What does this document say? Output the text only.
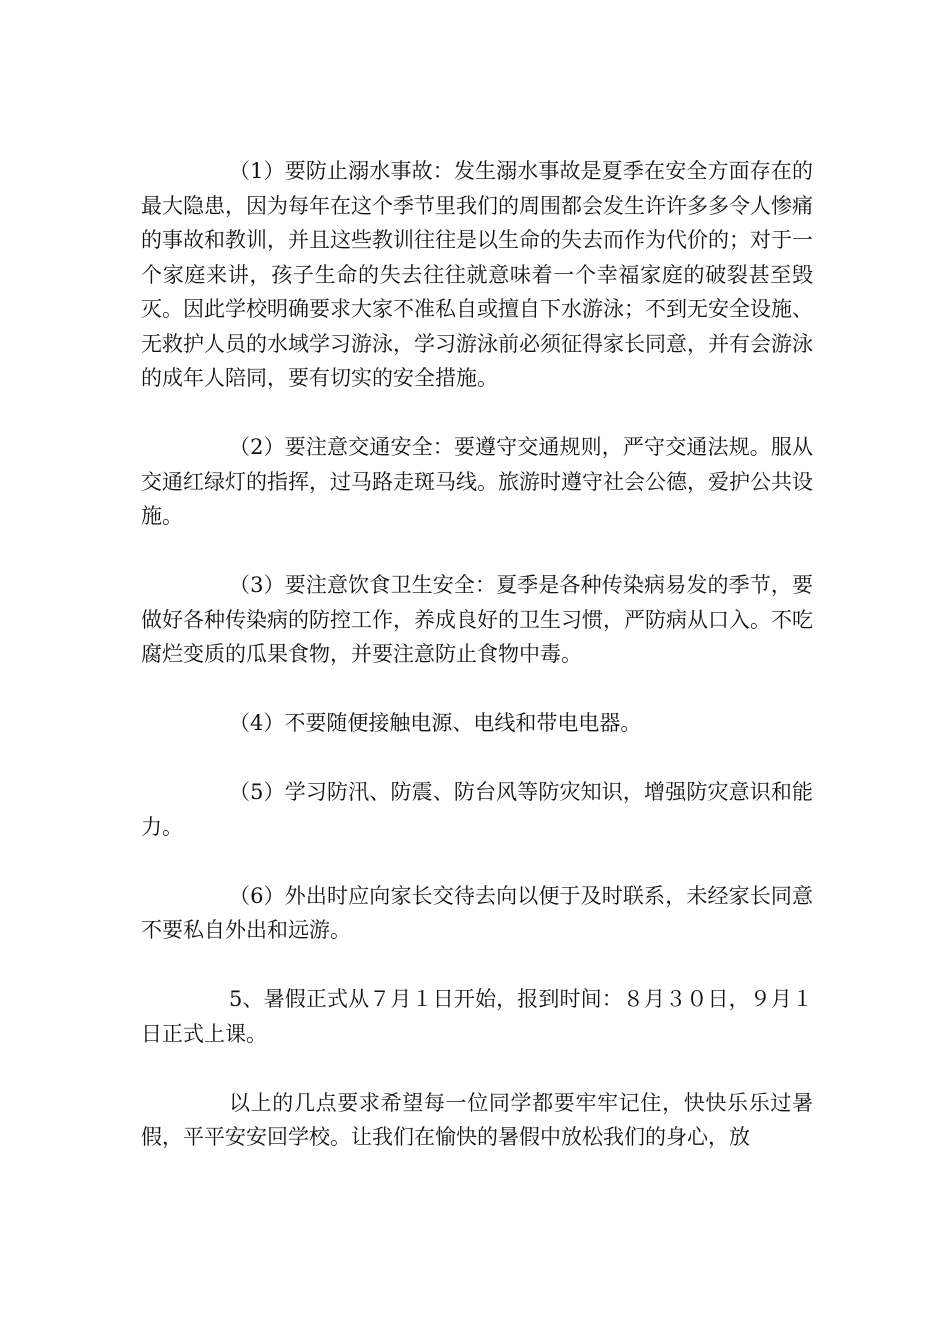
（1）要防止溺水事故：发生溺水事故是夏季在安全方面存在的最大隐患，因为每年在这个季节里我们的周围都会发生许许多多令人惨痛的事故和教训，并且这些教训往往是以生命的失去而作为代价的；对于一个家庭来讲，孩子生命的失去往往就意味着一个幸福家庭的破裂甚至毁灭。因此学校明确要求大家不准私自或擅自下水游泳；不到无安全设施、无救护人员的水域学习游泳，学习游泳前必须征得家长同意，并有会游泳的成年人陪同，要有切实的安全措施。

（2）要注意交通安全：要遵守交通规则，严守交通法规。服从交通红绿灯的指挥，过马路走斑马线。旅游时遵守社会公德，爱护公共设施。

（3）要注意饮食卫生安全：夏季是各种传染病易发的季节，要做好各种传染病的防控工作，养成良好的卫生习惯，严防病从口入。不吃腐烂变质的瓜果食物，并要注意防止食物中毒。

（4）不要随便接触电源、电线和带电电器。

（5）学习防汛、防震、防台风等防灾知识，增强防灾意识和能力。

（6）外出时应向家长交待去向以便于及时联系，未经家长同意不要私自外出和远游。

5、暑假正式从７月１日开始，报到时间：８月３０日，９月１日正式上课。

以上的几点要求希望每一位同学都要牢牢记住，快快乐乐过暑假，平平安安回学校。让我们在愉快的暑假中放松我们的身心，放
